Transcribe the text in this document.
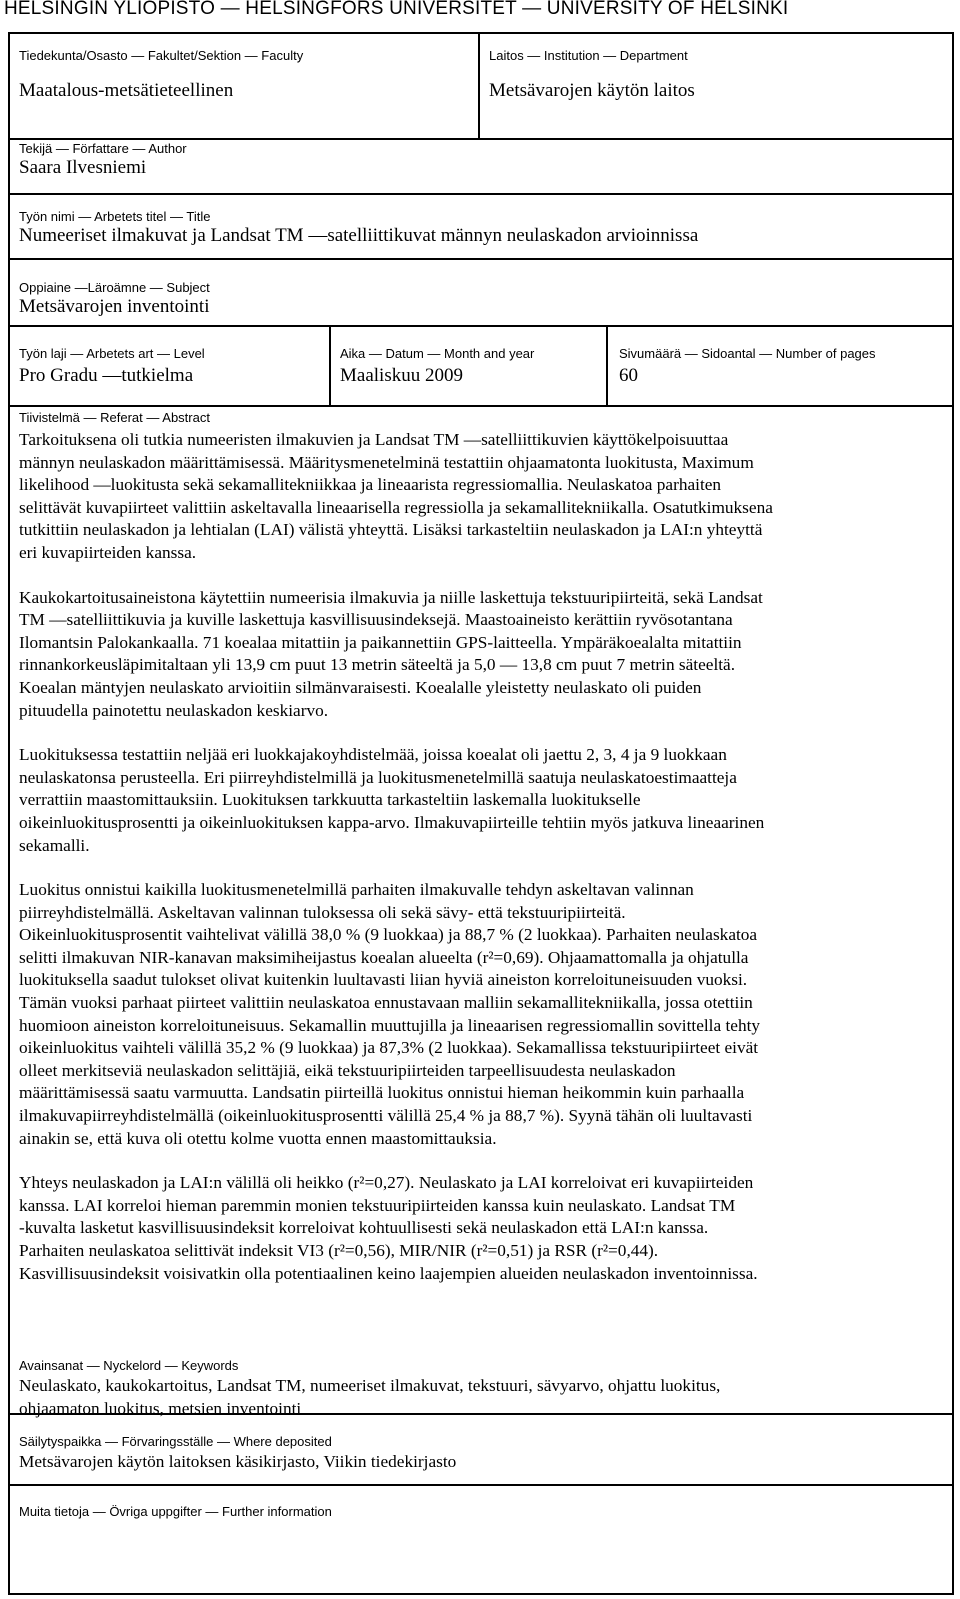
HELSINGIN YLIOPISTO — HELSINGFORS UNIVERSITET — UNIVERSITY OF HELSINKI
Tiedekunta/Osasto — Fakultet/Sektion — Faculty
Maatalous-metsätieteellinen
Laitos — Institution — Department
Metsävarojen käytön laitos
Tekijä — Författare — Author
Saara Ilvesniemi
Työn nimi — Arbetets titel — Title
Numeeriset ilmakuvat ja Landsat TM —satelliittikuvat männyn neulaskadon arvioinnissa
Oppiaine —Läroämne — Subject
Metsävarojen inventointi
Työn laji — Arbetets art — Level
Pro Gradu —tutkielma
Aika — Datum — Month and year
Maaliskuu 2009
Sivumäärä — Sidoantal — Number of pages
60
Tiivistelmä — Referat — Abstract

Tarkoituksena oli tutkia numeeristen ilmakuvien ja Landsat TM —satelliittikuvien käyttökelpoisuuttaa

männyn neulaskadon määrittämisessä. Määritysmenetelminä testattiin ohjaamatonta luokitusta, Maximum

likelihood —luokitusta sekä sekamallitekniikkaa ja lineaarista regressiomallia. Neulaskatoa parhaiten

selittävät kuvapiirteet valittiin askeltavalla lineaarisella regressiolla ja sekamallitekniikalla. Osatutkimuksena

tutkittiin neulaskadon ja lehtialan (LAI) välistä yhteyttä. Lisäksi tarkasteltiin neulaskadon ja LAI:n yhteyttä

eri kuvapiirteiden kanssa.

Kaukokartoitusaineistona käytettiin numeerisia ilmakuvia ja niille laskettuja tekstuuripiirteitä, sekä Landsat

TM —satelliittikuvia ja kuville laskettuja kasvillisuusindeksejä. Maastoaineisto kerättiin ryvösotantana

Ilomantsin Palokankaalla. 71 koealaa mitattiin ja paikannettiin GPS-laitteella. Ympäräkoealalta mitattiin

rinnankorkeusläpimitaltaan yli 13,9 cm puut 13 metrin säteeltä ja 5,0 — 13,8 cm puut 7 metrin säteeltä.

Koealan mäntyjen neulaskato arvioitiin silmänvaraisesti. Koealalle yleistetty neulaskato oli puiden

pituudella painotettu neulaskadon keskiarvo.

Luokituksessa testattiin neljää eri luokkajakoyhdistelmää, joissa koealat oli jaettu 2, 3, 4 ja 9 luokkaan

neulaskatonsa perusteella. Eri piirreyhdistelmillä ja luokitusmenetelmillä saatuja neulaskatoestimaatteja

verrattiin maastomittauksiin. Luokituksen tarkkuutta tarkasteltiin laskemalla luokitukselle

oikeinluokitusprosentti ja oikeinluokituksen kappa-arvo. Ilmakuvapiirteille tehtiin myös jatkuva lineaarinen

sekamalli.

Luokitus onnistui kaikilla luokitusmenetelmillä parhaiten ilmakuvalle tehdyn askeltavan valinnan

piirreyhdistelmällä. Askeltavan valinnan tuloksessa oli sekä sävy- että tekstuuripiirteitä.

Oikeinluokitusprosentit vaihtelivat välillä 38,0 % (9 luokkaa) ja 88,7 % (2 luokkaa). Parhaiten neulaskatoa

selitti ilmakuvan NIR-kanavan maksimiheijastus koealan alueelta (r²=0,69). Ohjaamattomalla ja ohjatulla

luokituksella saadut tulokset olivat kuitenkin luultavasti liian hyviä aineiston korreloituneisuuden vuoksi.

Tämän vuoksi parhaat piirteet valittiin neulaskatoa ennustavaan malliin sekamallitekniikalla, jossa otettiin

huomioon aineiston korreloituneisuus. Sekamallin muuttujilla ja lineaarisen regressiomallin sovittella tehty

oikeinluokitus vaihteli välillä 35,2 % (9 luokkaa) ja 87,3% (2 luokkaa). Sekamallissa tekstuuripiirteet eivät

olleet merkitseviä neulaskadon selittäjiä, eikä tekstuuripiirteiden tarpeellisuudesta neulaskadon

määrittämisessä saatu varmuutta. Landsatin piirteillä luokitus onnistui hieman heikommin kuin parhaalla

ilmakuvapiirreyhdistelmällä (oikeinluokitusprosentti välillä 25,4 % ja 88,7 %). Syynä tähän oli luultavasti

ainakin se, että kuva oli otettu kolme vuotta ennen maastomittauksia.

Yhteys neulaskadon ja LAI:n välillä oli heikko (r²=0,27). Neulaskato ja LAI korreloivat eri kuvapiirteiden

kanssa. LAI korreloi hieman paremmin monien tekstuuripiirteiden kanssa kuin neulaskato. Landsat TM

-kuvalta lasketut kasvillisuusindeksit korreloivat kohtuullisesti sekä neulaskadon että LAI:n kanssa.

Parhaiten neulaskatoa selittivät indeksit VI3 (r²=0,56), MIR/NIR (r²=0,51) ja RSR (r²=0,44).

Kasvillisuusindeksit voisivatkin olla potentiaalinen keino laajempien alueiden neulaskadon inventoinnissa.

Avainsanat — Nyckelord — Keywords

Neulaskato, kaukokartoitus, Landsat TM, numeeriset ilmakuvat, tekstuuri, sävyarvo, ohjattu luokitus,

ohjaamaton luokitus, metsien inventointi

Säilytyspaikka — Förvaringsställe — Where deposited

Metsävarojen käytön laitoksen käsikirjasto, Viikin tiedekirjasto

Muita tietoja — Övriga uppgifter — Further information
